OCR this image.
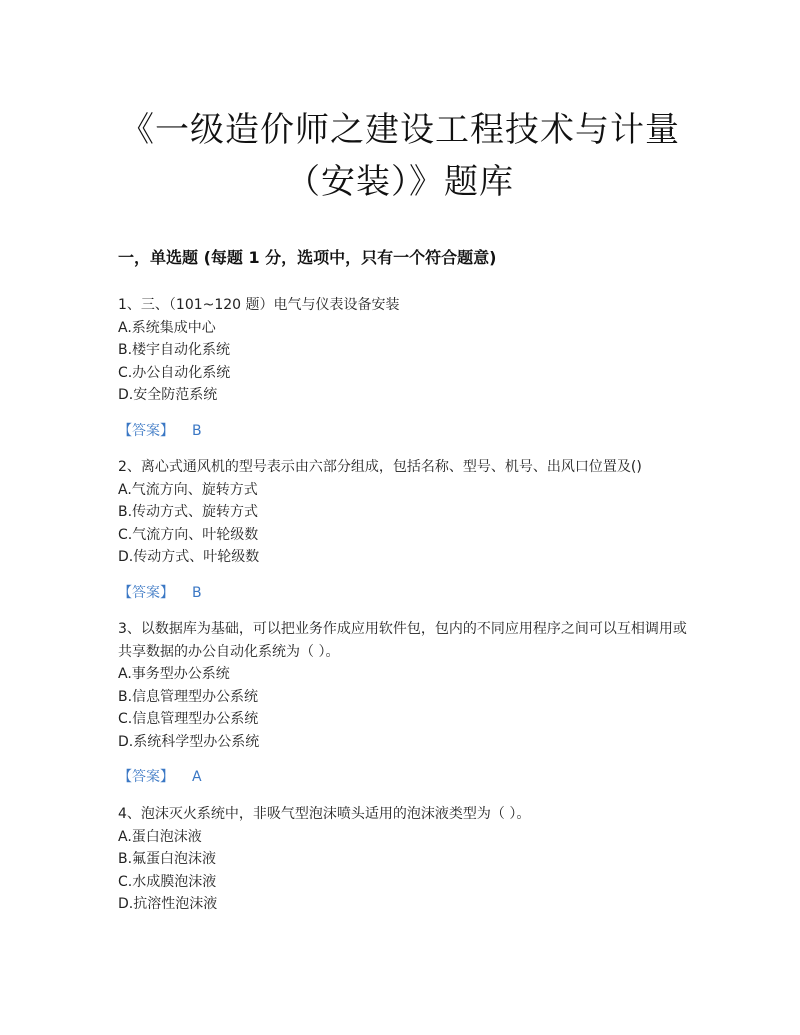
《一级造价师之建设工程技术与计量
（安装）》题库
一，单选题 (每题 1 分，选项中，只有一个符合题意)
1、三、（101~120 题）电气与仪表设备安装
A.系统集成中心
B.楼宇自动化系统
C.办公自动化系统
D.安全防范系统
【答案】 B
2、离心式通风机的型号表示由六部分组成，包括名称、型号、机号、出风口位置及()
A.气流方向、旋转方式
B.传动方式、旋转方式
C.气流方向、叶轮级数
D.传动方式、叶轮级数
【答案】 B
3、以数据库为基础，可以把业务作成应用软件包，包内的不同应用程序之间可以互相调用或共享数据的办公自动化系统为（ ）。
A.事务型办公系统
B.信息管理型办公系统
C.信息管理型办公系统
D.系统科学型办公系统
【答案】 A
4、泡沫灭火系统中，非吸气型泡沫喷头适用的泡沫液类型为（ ）。
A.蛋白泡沫液
B.氟蛋白泡沫液
C.水成膜泡沫液
D.抗溶性泡沫液
